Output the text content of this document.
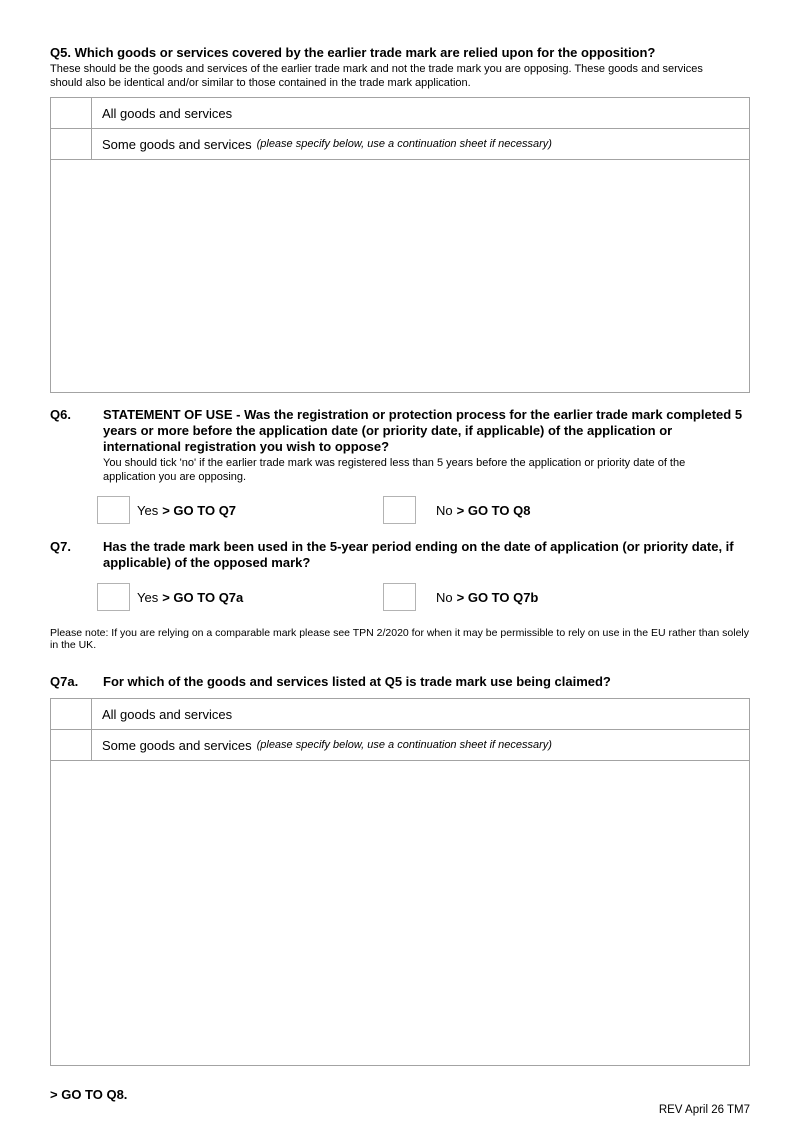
Q5. Which goods or services covered by the earlier trade mark are relied upon for the opposition?
These should be the goods and services of the earlier trade mark and not the trade mark you are opposing. These goods and services should also be identical and/or similar to those contained in the trade mark application.
All goods and services
Some goods and services (please specify below, use a continuation sheet if necessary)
Q6.	STATEMENT OF USE - Was the registration or protection process for the earlier trade mark completed 5 years or more before the application date (or priority date, if applicable) of the application or international registration you wish to oppose?
You should tick 'no' if the earlier trade mark was registered less than 5 years before the application or priority date of the application you are opposing.
Yes > GO TO Q7	No > GO TO Q8
Q7.	Has the trade mark been used in the 5-year period ending on the date of application (or priority date, if applicable) of the opposed mark?
Yes > GO TO Q7a	No > GO TO Q7b
Please note: If you are relying on a comparable mark please see TPN 2/2020 for when it may be permissible to rely on use in the EU rather than solely in the UK.
Q7a.	For which of the goods and services listed at Q5 is trade mark use being claimed?
All goods and services
Some goods and services (please specify below, use a continuation sheet if necessary)
> GO TO Q8.
REV April 26 TM7
